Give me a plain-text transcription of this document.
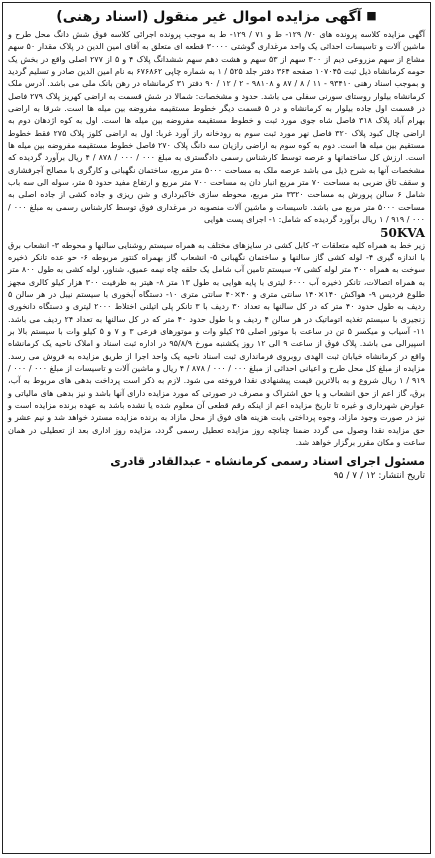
■ آگهی مزایده اموال غیر منقول (اسناد رهنی)

آگهی مزایده کلاسه پرونده های ۷۰/ ۱۲۹- ط و ۷۱ / ۱۲۹- ط به موجب پرونده اجرائی کلاسه فوق شش دانگ محل طرح و ماشین آلات و تاسیسات احداثی یک واحد مرغداری گوشتی ۳۰۰۰۰ قطعه ای متعلق به آقای امین الدین در پلاک مقدار ۵۰ سهم مشاع از سهم مزروعی دیم از ۳۰۰ سهم از ۵۳ سهم و هشت دهم سهم ششدانگ پلاک ۴ و ۵ از ۲۷۷ اصلی واقع در بخش یک حومه کرمانشاه ذیل ثبت ۱۰۷۰۴۵ صفحه ۳۶۴ دفتر جلد ۵۲۵ / ۱ به شماره چاپی ۶۷۶۸۶۲ به نام امین الدین صادر و تسلیم گردید و بموجب اسناد رهنی ۹۳۴۱۰ - ۱۱ / ۸ / ۸۷ و ۹۸۱۰۸ - ۲ / ۱۲ / ۹۰ دفتر ۳۱ کرمانشاه در رهن بانک ملی می باشد. آدرس ملک کرمانشاه بیلوار روستای سورنی سفلی می باشد. حدود و مشخصات: شمالا در شش قسمت به اراضی کهریز پلاک ۲۷۹ فاصل در قسمت اول جاده بیلوار به کرمانشاه و در ۵ قسمت دیگر خطوط مستقیمه مفروضه بین میله ها است. شرقا به اراضی بهرام آباد پلاک ۳۱۸ فاصل شاه جوی مورد ثبت و خطوط مستقیمه مفروضه بین میله ها است. اول به کوه اژدهان دوم به اراضی چال کبود پلاک ۳۲۰ فاصل نهر مورد ثبت سوم به رودخانه راز آورد غربا: اول به اراضی کلوز پلاک ۲۷۵ فقط خطوط مستقیم بین میله ها است. دوم به کوه سوم به اراضی رازیان سه دانگ پلاک ۲۷۰ فاصل خطوط مستقیمه مفروضه بین میله ها است. ارزش کل ساختمانها و عرصه توسط کارشناس رسمی دادگستری به مبلغ ۰۰۰ / ۰۰۰ / ۸۷۸ / ۴ ریال برآورد گردیده که مشخصات آنها به شرح ذیل می باشد عرصه ملک به مساحت ۵۰۰۰ متر مربع، ساختمان نگهبانی و کارگری با مصالح آجرفشاری و سقف تاق ضربی به مساحت ۷۰ متر مربع انبار دان به مساحت ۷۰۰ متر مربع و ارتفاع مفید حدود ۵ متر، سوله الی سه باب شامل ۶ سالن پرورش به مساحت ۳۳۲۰ متر مربع، محوطه سازی خاکبرداری و شن ریزی و جاده کشی از جاده اصلی به مساحت ۵۰۰۰ متر مربع می باشد. تاسیسات و ماشین آلات منصوبه در مرغداری فوق توسط کارشناس رسمی به مبلغ ۰۰۰ / ۰۰۰ / ۹۱۹ / ۱ ریال برآورد گردیده که شامل: ۱- اجرای پست هوایی

50KVA

زیر خط به همراه کلیه متعلقات ۲- کابل کشی در سایزهای مختلف به همراه سیستم روشنایی سالنها و محوطه ۳- انشعاب برق با اندازه گیری ۴- لوله کشی گاز سالنها و ساختمان نگهبانی ۵- انشعاب گاز بهمراه کنتور مربوطه ۶- حو عده تانکر ذخیره سوخت به همراه ۳۰۰ متر لوله کشی ۷- سیستم تامین آب شامل یک حلقه چاه نیمه عمیق، شناور، لوله کشی به طول ۸۰۰ متر به همراه اتصالات، تانکر ذخیره آب ۶۰۰۰ لیتری با پایه هوایی به طول ۱۳ متر ۸- هیتر به ظرفیت ۳۰۰ هزار کیلو کالری مجهز طلوع فردیس ۹- هواکش ۱۴۰×۱۴۰ سانتی متری و ۴۰×۴۰ سانتی متری ۱۰- دستگاه آبخوری با سیستم نیبل در هر سالن ۵ ردیف به طول حدود ۴۰ متر که در کل سالنها به تعداد ۳۰ ردیف با ۳ تانکر پلی اتیلنی اختلاط ۲۰۰۰ لیتری و دستگاه دانخوری زنجیری با سیستم تغذیه اتوماتیک در هر سالن ۴ ردیف و با طول حدود ۴۰ متر که در کل سالنها به تعداد ۲۴ ردیف می باشد. ۱۱- آسیاب و میکسر ۵ تن در ساعت با موتور اصلی ۲۵ کیلو وات و موتورهای فرعی ۳ و ۷ و ۵ کیلو وات با سیستم بالا بر اسپیرالی می باشد. پلاک فوق از ساعت ۹ الی ۱۲ روز یکشنبه مورخ ۹۵/۸/۹ در اداره ثبت اسناد و املاک ناحیه یک کرمانشاه واقع در کرمانشاه خیابان ثبت الهدی روبروی فرمانداری ثبت اسناد ناحیه یک واحد اجرا از طریق مزایده به فروش می رسد. مزایده از مبلغ کل محل طرح و اعیانی احداثی از مبلغ ۰۰۰ / ۰۰۰ / ۸۷۸ / ۴ ریال و ماشین آلات و تاسیسات از مبلغ ۰۰۰ / ۰۰۰ / ۹۱۹ / ۱ ریال شروع و به بالاترین قیمت پیشنهادی نقدا فروخته می شود. لازم به ذکر است پرداخت بدهی های مربوط به آب، برق، گاز اعم از حق انشعاب و یا حق اشتراک و مصرف در صورتی که مورد مزایده دارای آنها باشد و نیز بدهی های مالیاتی و عوارض شهرداری و غیره تا تاریخ مزایده اعم از اینکه رقم قطعی آن معلوم شده یا نشده باشد به عهده برنده مزایده است و نیز در صورت وجود مازاد، وجوه پرداختی بابت هزینه های فوق از محل مازاد به برنده مزایده مسترد خواهد شد و نیم عشر و حق مزایده نقدا وصول می گردد ضمنا چنانچه روز مزایده تعطیل رسمی گردد، مزایده روز اداری بعد از تعطیلی در همان ساعت و مکان مقرر برگزار خواهد شد.

مسئول اجرای اسناد رسمی کرمانشاه - عبدالقادر قادری

تاریخ انتشار: ۱۲ / ۷ / ۹۵
